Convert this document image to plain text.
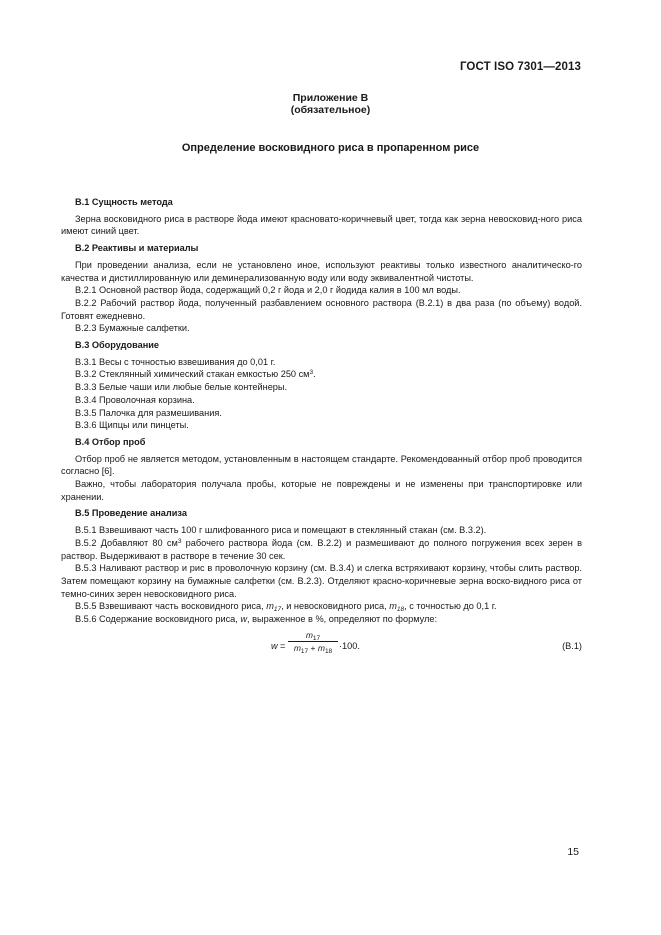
ГОСТ ISO 7301—2013
Приложение В
(обязательное)
Определение восковидного риса в пропаренном рисе
В.1 Сущность метода

Зерна восковидного риса в растворе йода имеют красновато-коричневый цвет, тогда как зерна невосковид-ного риса имеют синий цвет.

В.2 Реактивы и материалы

При проведении анализа, если не установлено иное, используют реактивы только известного аналитическо-го качества и дистиллированную или деминерализованную воду или воду эквивалентной чистоты.

В.2.1 Основной раствор йода, содержащий 0,2 г йода и 2,0 г йодида калия в 100 мл воды.

В.2.2 Рабочий раствор йода, полученный разбавлением основного раствора (В.2.1) в два раза (по объему) водой. Готовят ежедневно.

В.2.3 Бумажные салфетки.

В.3 Оборудование

В.3.1 Весы с точностью взвешивания до 0,01 г.

В.3.2 Стеклянный химический стакан емкостью 250 $см^3$.

В.3.3 Белые чаши или любые белые контейнеры.

В.3.4 Проволочная корзина.

В.3.5 Палочка для размешивания.

В.3.6 Щипцы или пинцеты.

В.4 Отбор проб

Отбор проб не является методом, установленным в настоящем стандарте. Рекомендованный отбор проб проводится согласно [6].

Важно, чтобы лаборатория получала пробы, которые не повреждены и не изменены при транспортировке или хранении.

В.5 Проведение анализа

В.5.1 Взвешивают часть 100 г шлифованного риса и помещают в стеклянный стакан (см. В.3.2).

В.5.2 Добавляют 80 $см^3$ рабочего раствора йода (см. В.2.2) и размешивают до полного погружения всех зерен в раствор. Выдерживают в растворе в течение 30 сек.

В.5.3 Наливают раствор и рис в проволочную корзину (см. В.3.4) и слегка встряхивают корзину, чтобы слить раствор. Затем помещают корзину на бумажные салфетки (см. В.2.3). Отделяют красно-коричневые зерна воско-видного риса от темно-синих зерен невосковидного риса.

В.5.5 Взвешивают часть восковидного риса, $m_{17}$, и невосковидного риса, $m_{18}$, с точностью до 0,1 г.

В.5.6 Содержание восковидного риса, w, выраженное в %, определяют по формуле:

w =
$m_{17}$
$m_{17} + m_{18}$
·100.	(В.1)
15
